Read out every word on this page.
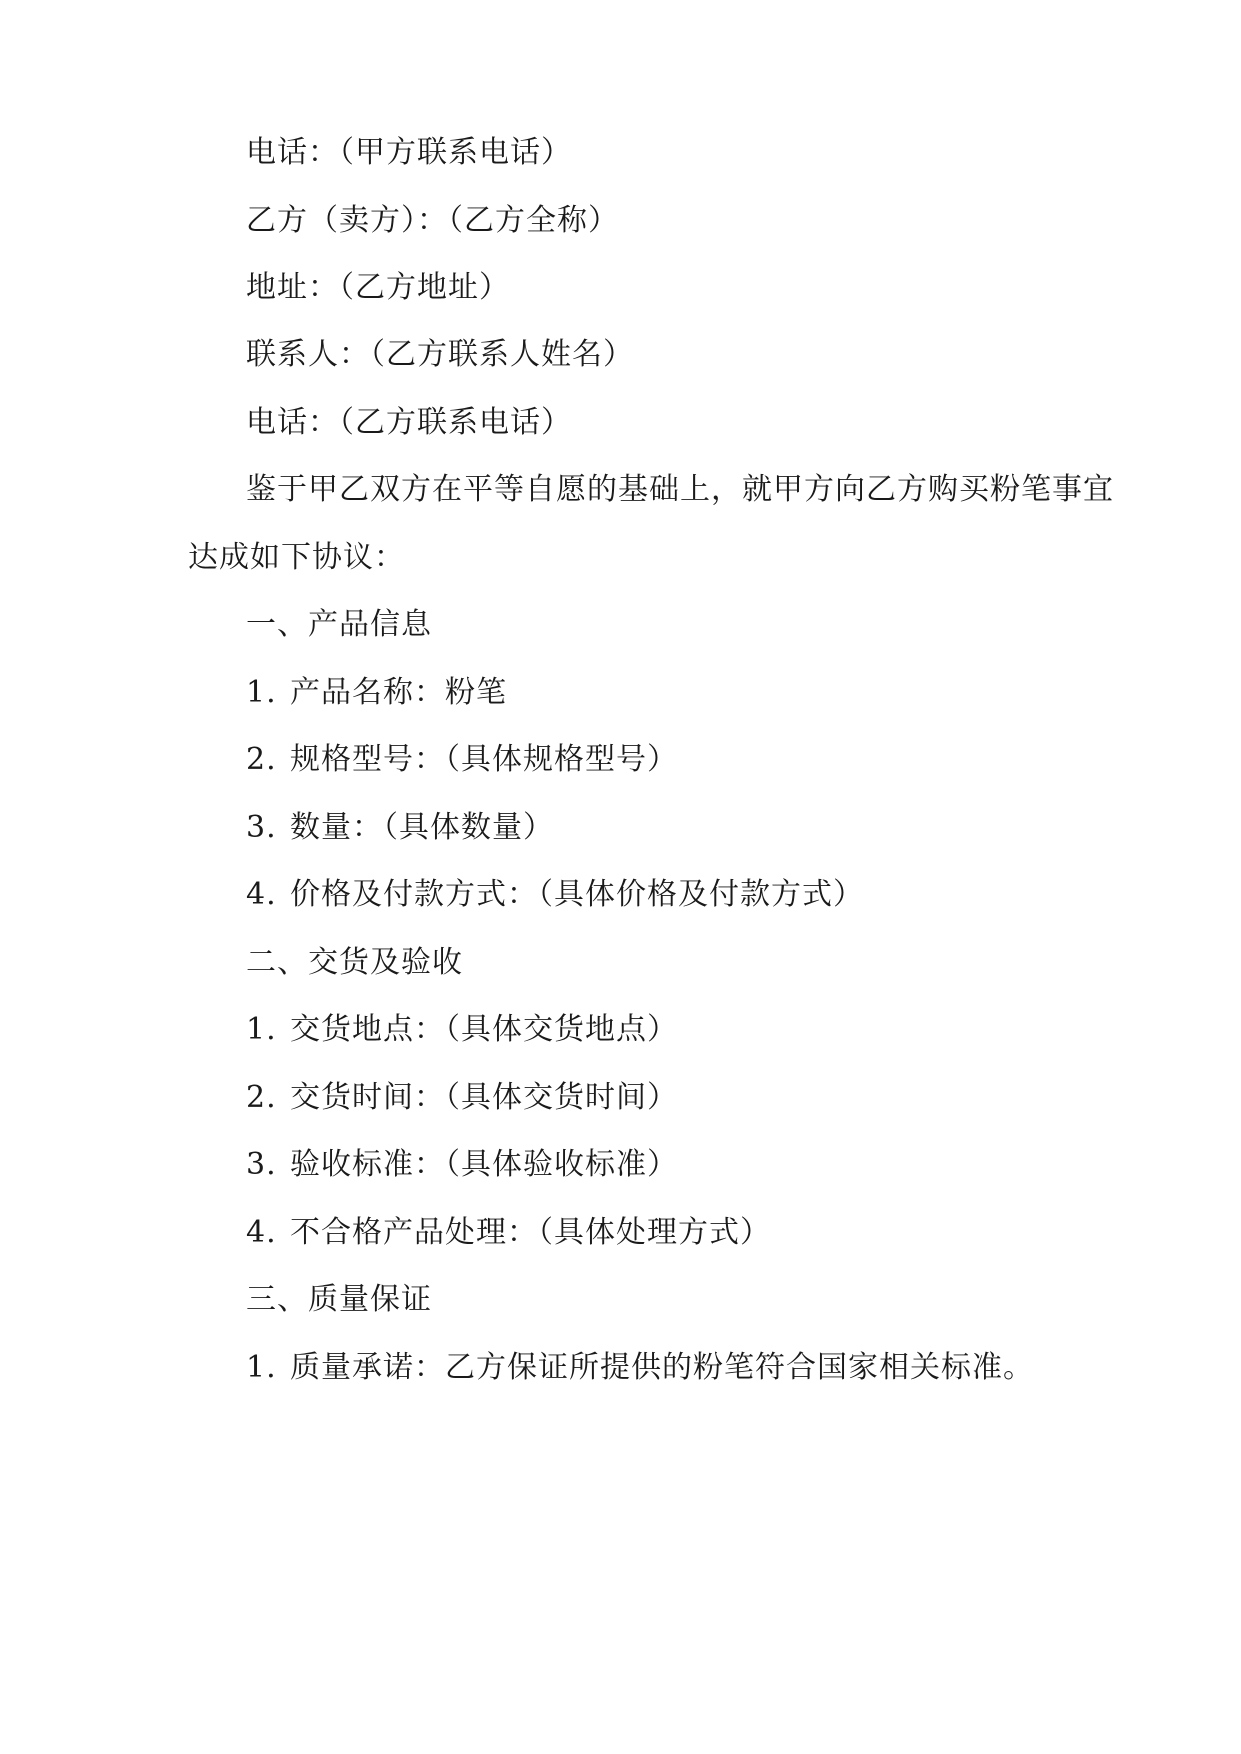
电话：（甲方联系电话）
乙方（卖方）：（乙方全称）
地址：（乙方地址）
联系人：（乙方联系人姓名）
电话：（乙方联系电话）
鉴于甲乙双方在平等自愿的基础上，就甲方向乙方购买粉笔事宜
达成如下协议：
一、产品信息
1. 产品名称：粉笔
2. 规格型号：（具体规格型号）
3. 数量：（具体数量）
4. 价格及付款方式：（具体价格及付款方式）
二、交货及验收
1. 交货地点：（具体交货地点）
2. 交货时间：（具体交货时间）
3. 验收标准：（具体验收标准）
4. 不合格产品处理：（具体处理方式）
三、质量保证
1. 质量承诺：乙方保证所提供的粉笔符合国家相关标准。
